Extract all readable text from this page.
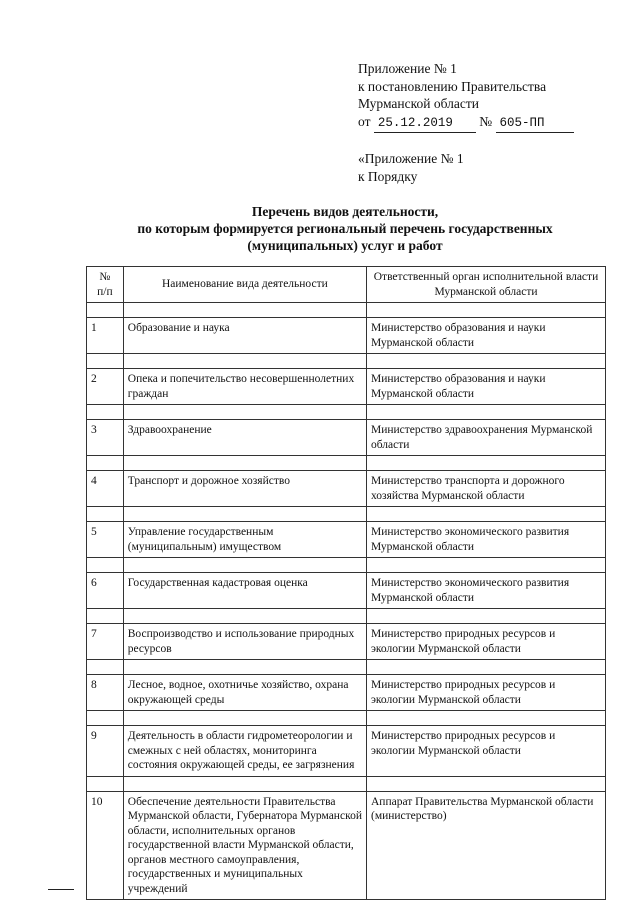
Приложение № 1
к постановлению Правительства
Мурманской области
от 25.12.2019 № 605-ПП
«Приложение № 1
к Порядку
Перечень видов деятельности,
по которым формируется региональный перечень государственных
(муниципальных) услуг и работ
№
п/п	Наименование вида деятельности	Ответственный орган исполнительной власти Мурманской области

1	Образование и наука	Министерство образования и науки Мурманской области

2	Опека и попечительство несовершеннолетних граждан	Министерство образования и науки Мурманской области

3	Здравоохранение	Министерство здравоохранения Мурманской области

4	Транспорт и дорожное хозяйство	Министерство транспорта и дорожного хозяйства Мурманской области

5	Управление государственным (муниципальным) имуществом	Министерство экономического развития Мурманской области

6	Государственная кадастровая оценка	Министерство экономического развития Мурманской области

7	Воспроизводство и использование природных ресурсов	Министерство природных ресурсов и экологии Мурманской области

8	Лесное, водное, охотничье хозяйство, охрана окружающей среды	Министерство природных ресурсов и экологии Мурманской области

9	Деятельность в области гидрометеорологии и смежных с ней областях, мониторинга состояния окружающей среды, ее загрязнения	Министерство природных ресурсов и экологии Мурманской области

10	Обеспечение деятельности Правительства Мурманской области, Губернатора Мурманской области, исполнительных органов государственной власти Мурманской области, органов местного самоуправления, государственных и муниципальных учреждений	Аппарат Правительства Мурманской области (министерство)
